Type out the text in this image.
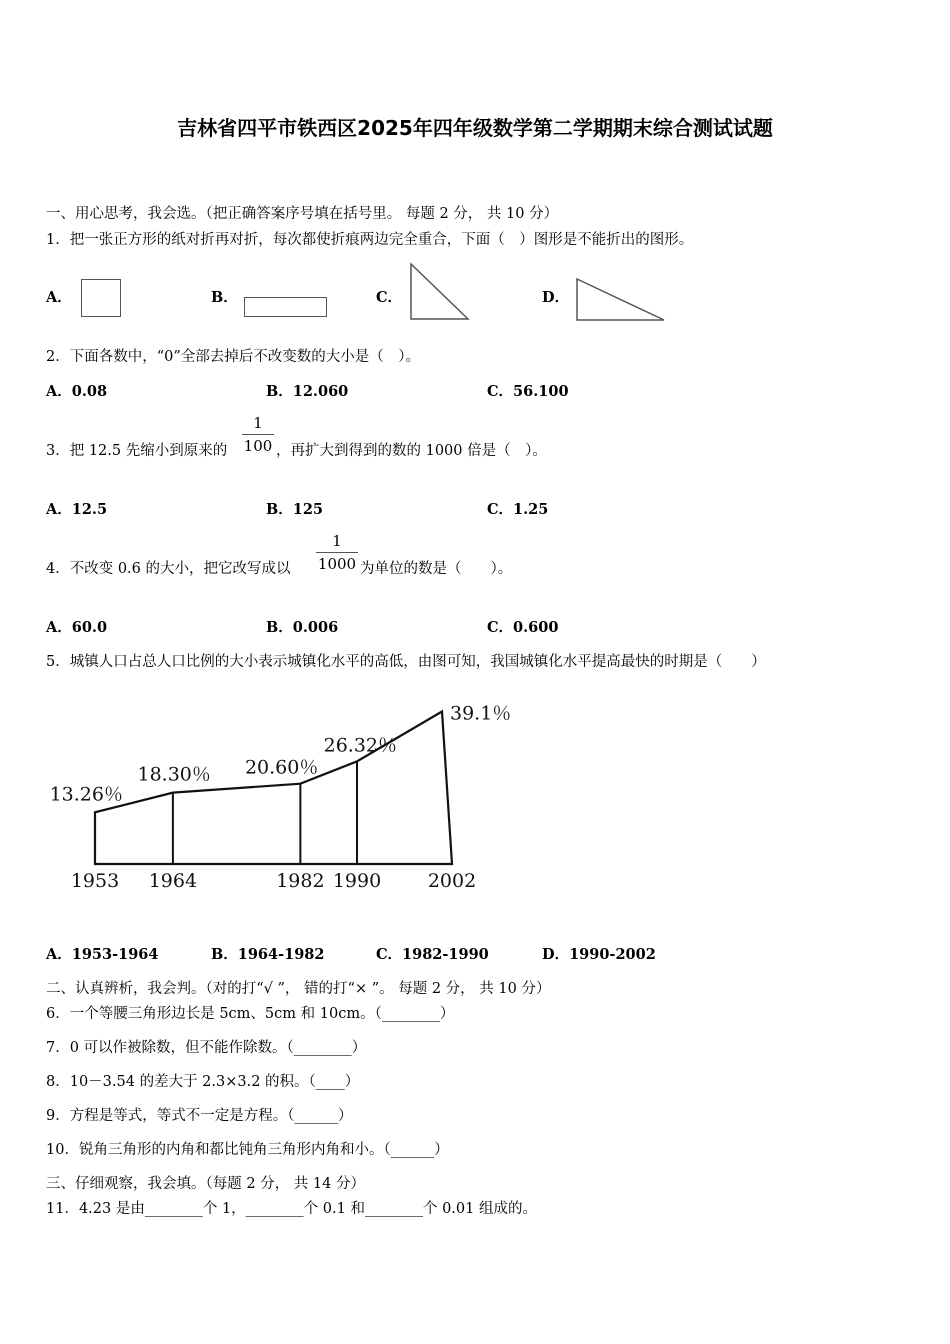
吉林省四平市铁西区2025年四年级数学第二学期期末综合测试试题
一、用心思考，我会选。（把正确答案序号填在括号里。 每题 2 分， 共 10 分）
1．把一张正方形的纸对折再对折，每次都使折痕两边完全重合，下面（　）图形是不能折出的图形。
A．	B．	C．	D．
2．下面各数中，“0”全部去掉后不改变数的大小是（　）。
A．0.08	B．12.060	C．56.100
3．把 12.5 先缩小到原来的
1
100 ，再扩大到得到的数的 1000 倍是（　）。
A．12.5	B．125	C．1.25
4．不改变 0.6 的大小，把它改写成以
1
1000 为单位的数是（　　）。
A．60.0	B．0.006	C．0.600
5．城镇人口占总人口比例的大小表示城镇化水平的高低，由图可知，我国城镇化水平提高最快的时期是（　　）
1953 1964	1982 1990 2002
13.26％
18.30％ 20.60％
26.32％
39.1％
A．1953-1964	B．1964-1982	C．1982-1990	D．1990-2002
二、认真辨析，我会判。（对的打“√ ”， 错的打“× ”。 每题 2 分， 共 10 分）
6．一个等腰三角形边长是 5cm、5cm 和 10cm。（________）
7．0 可以作被除数，但不能作除数。（________）
8．10－3.54 的差大于 2.3×3.2 的积。（____）
9．方程是等式，等式不一定是方程。（______）
10．锐角三角形的内角和都比钝角三角形内角和小。（______）
三、仔细观察，我会填。（每题 2 分， 共 14 分）
11．4.23 是由________个 1，________个 0.1 和________个 0.01 组成的。
